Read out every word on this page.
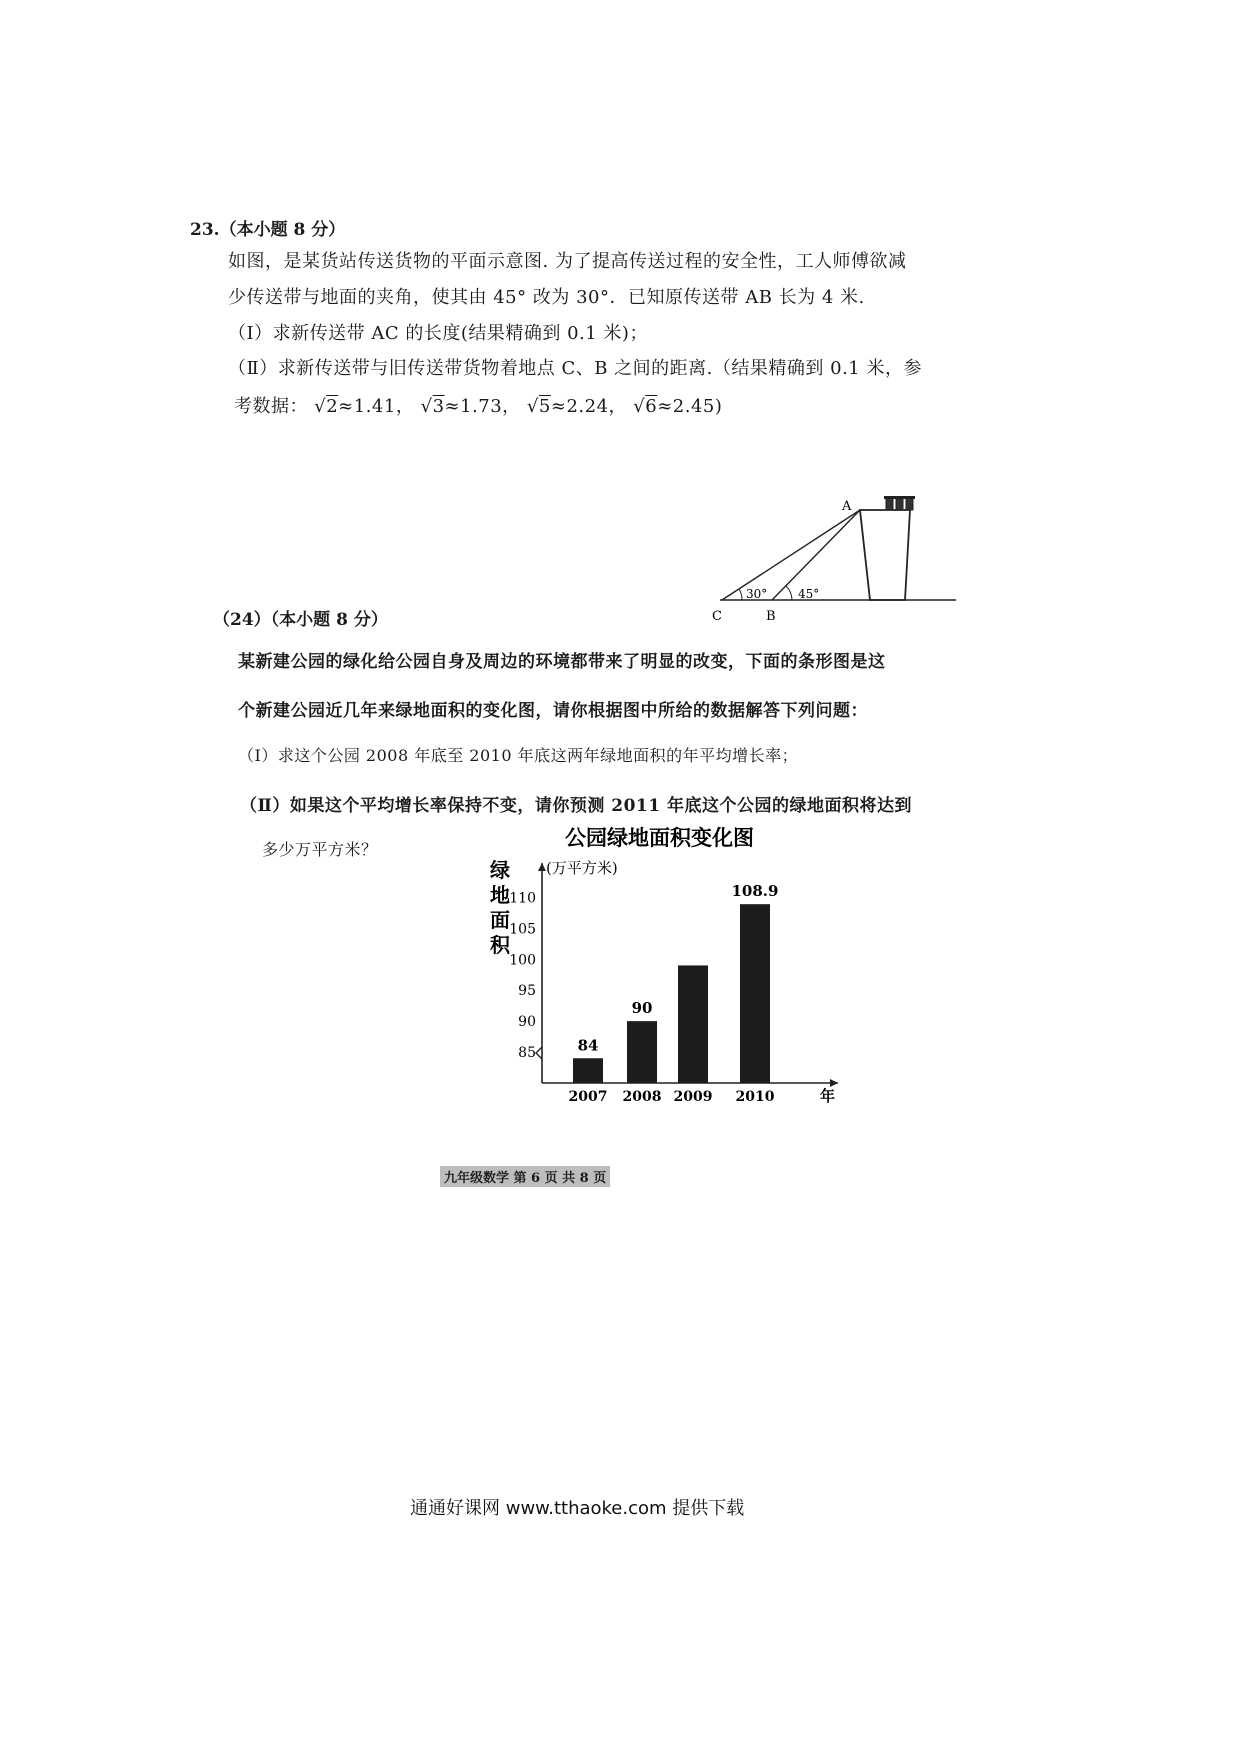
23.（本小题 8 分）
如图，是某货站传送货物的平面示意图. 为了提高传送过程的安全性，工人师傅欲减
少传送带与地面的夹角，使其由 45° 改为 30°．已知原传送带 AB 长为 4 米.
（Ⅰ）求新传送带 AC 的长度(结果精确到 0.1 米)；
（Ⅱ）求新传送带与旧传送带货物着地点 C、B 之间的距离.（结果精确到 0.1 米，参
考数据： √2≈1.41， √3≈1.73， √5≈2.24， √6≈2.45)
A
C	B
30°	45°
（24）（本小题 8 分）
某新建公园的绿化给公园自身及周边的环境都带来了明显的改变，下面的条形图是这
个新建公园近几年来绿地面积的变化图，请你根据图中所给的数据解答下列问题：
（Ⅰ）求这个公园 2008 年底至 2010 年底这两年绿地面积的年平均增长率；
（Ⅱ）如果这个平均增长率保持不变，请你预测 2011 年底这个公园的绿地面积将达到
多少万平方米？	公园绿地面积变化图
绿
地
面
积
(万平方米)
85
90
95
100
105
110
84
90
108.9
2007 2008 2009 2010	年
九年级数学 第 6 页 共 8 页
通通好课网 www.tthaoke.com 提供下载
